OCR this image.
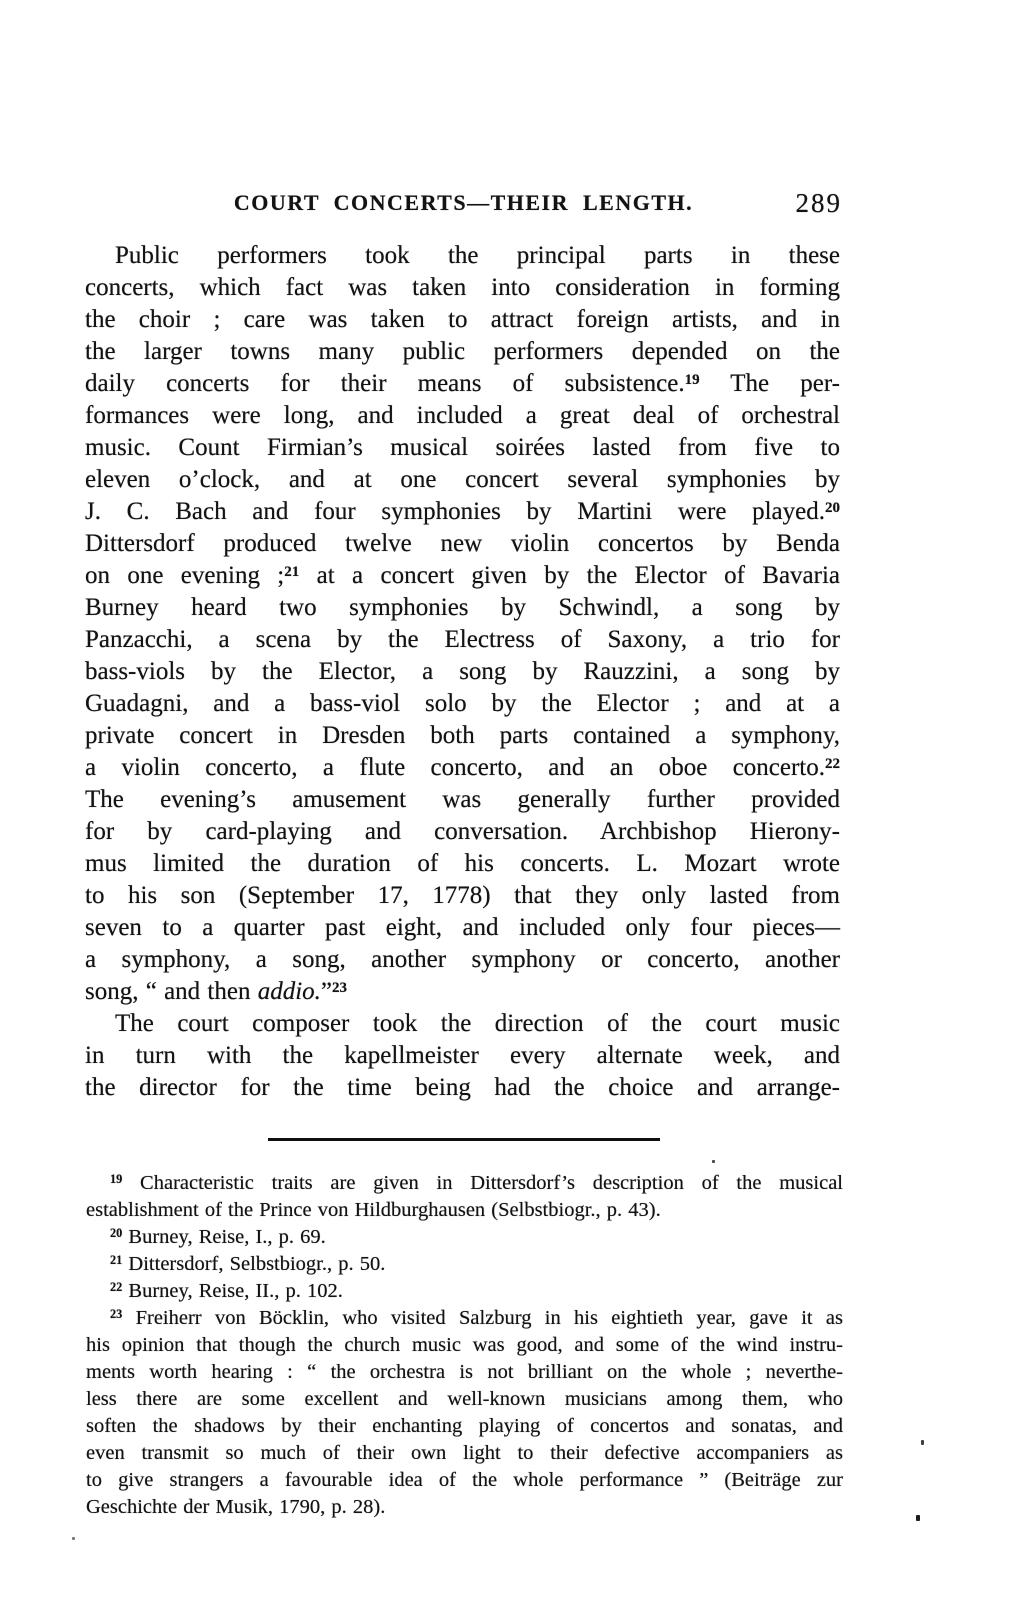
COURT CONCERTS—THEIR LENGTH.	289
Public performers took the principal parts in these
concerts, which fact was taken into consideration in forming
the choir ; care was taken to attract foreign artists, and in
the larger towns many public performers depended on the
daily concerts for their means of subsistence.$^{19}$ The per-
formances were long, and included a great deal of orchestral
music. Count Firmian’s musical soirées lasted from five to
eleven o’clock, and at one concert several symphonies by
J. C. Bach and four symphonies by Martini were played.$^{20}$
Dittersdorf produced twelve new violin concertos by Benda
on one evening ;$^{21}$ at a concert given by the Elector of Bavaria
Burney heard two symphonies by Schwindl, a song by
Panzacchi, a scena by the Electress of Saxony, a trio for
bass-viols by the Elector, a song by Rauzzini, a song by
Guadagni, and a bass-viol solo by the Elector ; and at a
private concert in Dresden both parts contained a symphony,
a violin concerto, a flute concerto, and an oboe concerto.$^{22}$
The evening’s amusement was generally further provided
for by card-playing and conversation. Archbishop Hierony-
mus limited the duration of his concerts. L. Mozart wrote
to his son (September 17, 1778) that they only lasted from
seven to a quarter past eight, and included only four pieces—
a symphony, a song, another symphony or concerto, another
song, “ and then addio.”$^{23}$
The court composer took the direction of the court music
in turn with the kapellmeister every alternate week, and
the director for the time being had the choice and arrange-
$^{19}$ Characteristic traits are given in Dittersdorf’s description of the musical
establishment of the Prince von Hildburghausen (Selbstbiogr., p. 43).
$^{20}$ Burney, Reise, I., p. 69.
$^{21}$ Dittersdorf, Selbstbiogr., p. 50.
$^{22}$ Burney, Reise, II., p. 102.
$^{23}$ Freiherr von Böcklin, who visited Salzburg in his eightieth year, gave it as
his opinion that though the church music was good, and some of the wind instru-
ments worth hearing : “ the orchestra is not brilliant on the whole ; neverthe-
less there are some excellent and well-known musicians among them, who
soften the shadows by their enchanting playing of concertos and sonatas, and
even transmit so much of their own light to their defective accompaniers as
to give strangers a favourable idea of the whole performance ” (Beiträge zur
Geschichte der Musik, 1790, p. 28).
